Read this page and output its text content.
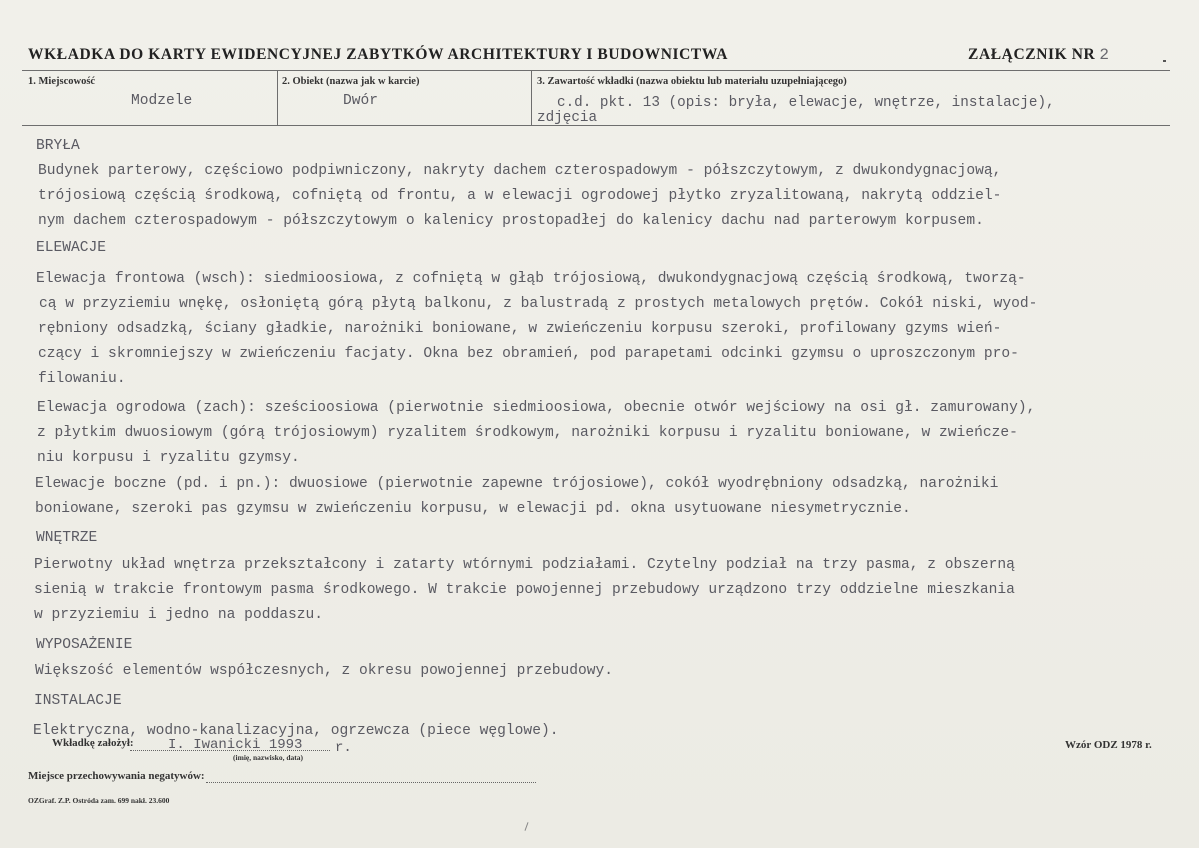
WKŁADKA DO KARTY EWIDENCYJNEJ ZABYTKÓW ARCHITEKTURY I BUDOWNICTWA	ZAŁĄCZNIK NR 2
1. Miejscowość	2. Obiekt (nazwa jak w karcie)	3. Zawartość wkładki (nazwa obiektu lub materiału uzupełniającego)
Modzele	Dwór	c.d. pkt. 13 (opis: bryła, elewacje, wnętrze, instalacje),
zdjęcia

BRYŁA

Budynek parterowy, częściowo podpiwniczony, nakryty dachem czterospadowym - półszczytowym, z dwukondygnacjową,

trójosiową częścią środkową, cofniętą od frontu, a w elewacji ogrodowej płytko zryzalitowaną, nakrytą oddziel-

nym dachem czterospadowym - półszczytowym o kalenicy prostopadłej do kalenicy dachu nad parterowym korpusem.

ELEWACJE

Elewacja frontowa (wsch): siedmioosiowa, z cofniętą w głąb trójosiową, dwukondygnacjową częścią środkową, tworzą-

cą w przyziemiu wnękę, osłoniętą górą płytą balkonu, z balustradą z prostych metalowych prętów. Cokół niski, wyod-

rębniony odsadzką, ściany gładkie, narożniki boniowane, w zwieńczeniu korpusu szeroki, profilowany gzyms wień-

czący i skromniejszy w zwieńczeniu facjaty. Okna bez obramień, pod parapetami odcinki gzymsu o uproszczonym pro-

filowaniu.

Elewacja ogrodowa (zach): sześcioosiowa (pierwotnie siedmioosiowa, obecnie otwór wejściowy na osi gł. zamurowany),

z płytkim dwuosiowym (górą trójosiowym) ryzalitem środkowym, narożniki korpusu i ryzalitu boniowane, w zwieńcze-

niu korpusu i ryzalitu gzymsy.

Elewacje boczne (pd. i pn.): dwuosiowe (pierwotnie zapewne trójosiowe), cokół wyodrębniony odsadzką, narożniki

boniowane, szeroki pas gzymsu w zwieńczeniu korpusu, w elewacji pd. okna usytuowane niesymetrycznie.

WNĘTRZE

Pierwotny układ wnętrza przekształcony i zatarty wtórnymi podziałami. Czytelny podział na trzy pasma, z obszerną

sienią w trakcie frontowym pasma środkowego. W trakcie powojennej przebudowy urządzono trzy oddzielne mieszkania

w przyziemiu i jedno na poddaszu.

WYPOSAŻENIE

Większość elementów współczesnych, z okresu powojennej przebudowy.

INSTALACJE

Elektryczna, wodno-kanalizacyjna, ogrzewcza (piece węglowe).

Wkładkę założył: I. Iwanicki 1993 r.
(imię, nazwisko, data)
Wzór ODZ 1978 r.
Miejsce przechowywania negatywów:
OZGraf. Z.P. Ostróda zam. 699 nakł. 23.600
